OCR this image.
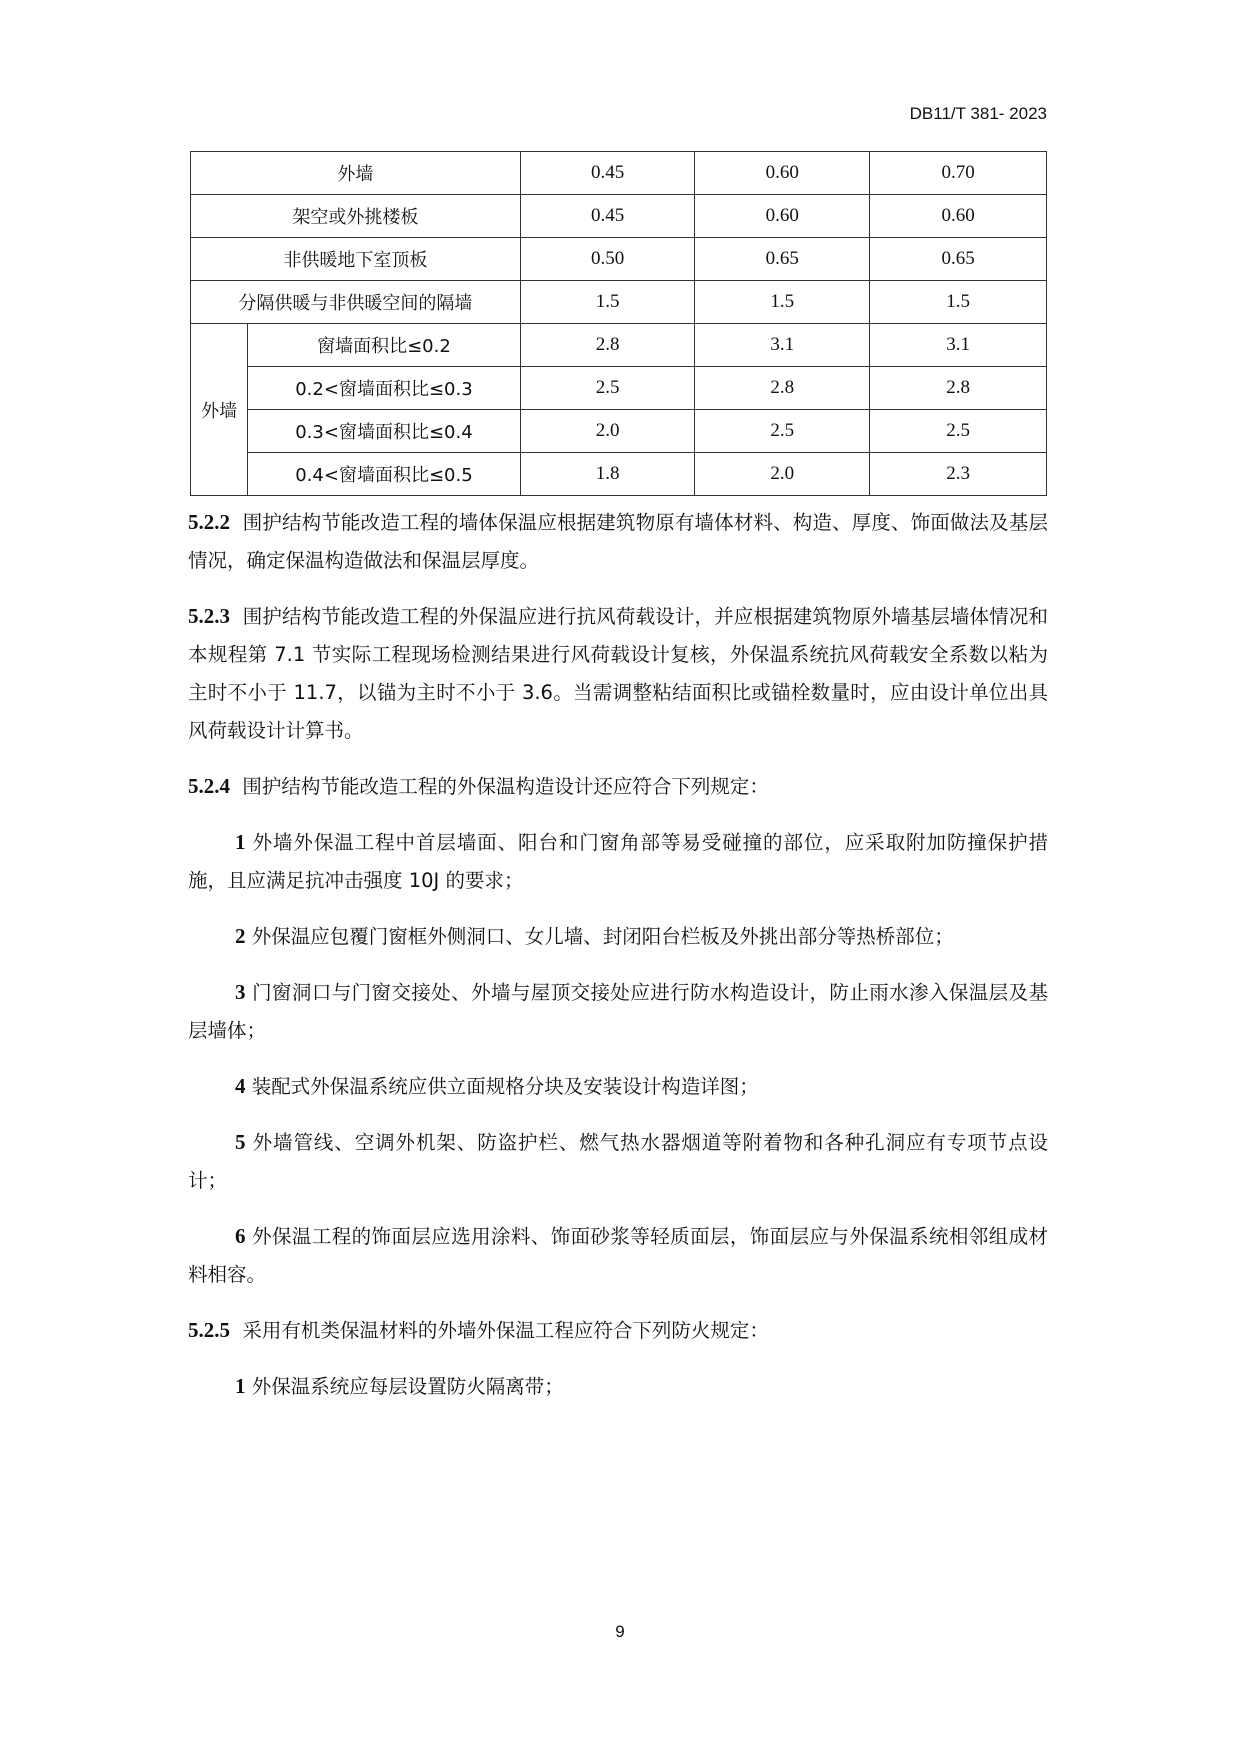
DB11/T 381- 2023
外墙		0.45	0.60	0.70
架空或外挑楼板		0.45	0.60	0.60
非供暖地下室顶板		0.50	0.65	0.65
分隔供暖与非供暖空间的隔墙		1.5	1.5	1.5
外墙	窗墙面积比≤0.2	2.8	3.1	3.1
	0.2<窗墙面积比≤0.3	2.5	2.8	2.8
	0.3<窗墙面积比≤0.4	2.0	2.5	2.5
	0.4<窗墙面积比≤0.5	1.8	2.0	2.3

5.2.2 围护结构节能改造工程的墙体保温应根据建筑物原有墙体材料、构造、厚度、饰面做法及基层情况，确定保温构造做法和保温层厚度。

5.2.3 围护结构节能改造工程的外保温应进行抗风荷载设计，并应根据建筑物原外墙基层墙体情况和本规程第 7.1 节实际工程现场检测结果进行风荷载设计复核，外保温系统抗风荷载安全系数以粘为主时不小于 11.7，以锚为主时不小于 3.6。当需调整粘结面积比或锚栓数量时，应由设计单位出具风荷载设计计算书。

5.2.4 围护结构节能改造工程的外保温构造设计还应符合下列规定：

1 外墙外保温工程中首层墙面、阳台和门窗角部等易受碰撞的部位，应采取附加防撞保护措施，且应满足抗冲击强度 10J 的要求；

2 外保温应包覆门窗框外侧洞口、女儿墙、封闭阳台栏板及外挑出部分等热桥部位；

3 门窗洞口与门窗交接处、外墙与屋顶交接处应进行防水构造设计，防止雨水渗入保温层及基层墙体；

4 装配式外保温系统应供立面规格分块及安装设计构造详图；

5 外墙管线、空调外机架、防盗护栏、燃气热水器烟道等附着物和各种孔洞应有专项节点设计；

6 外保温工程的饰面层应选用涂料、饰面砂浆等轻质面层，饰面层应与外保温系统相邻组成材料相容。

5.2.5 采用有机类保温材料的外墙外保温工程应符合下列防火规定：

1 外保温系统应每层设置防火隔离带；

9
